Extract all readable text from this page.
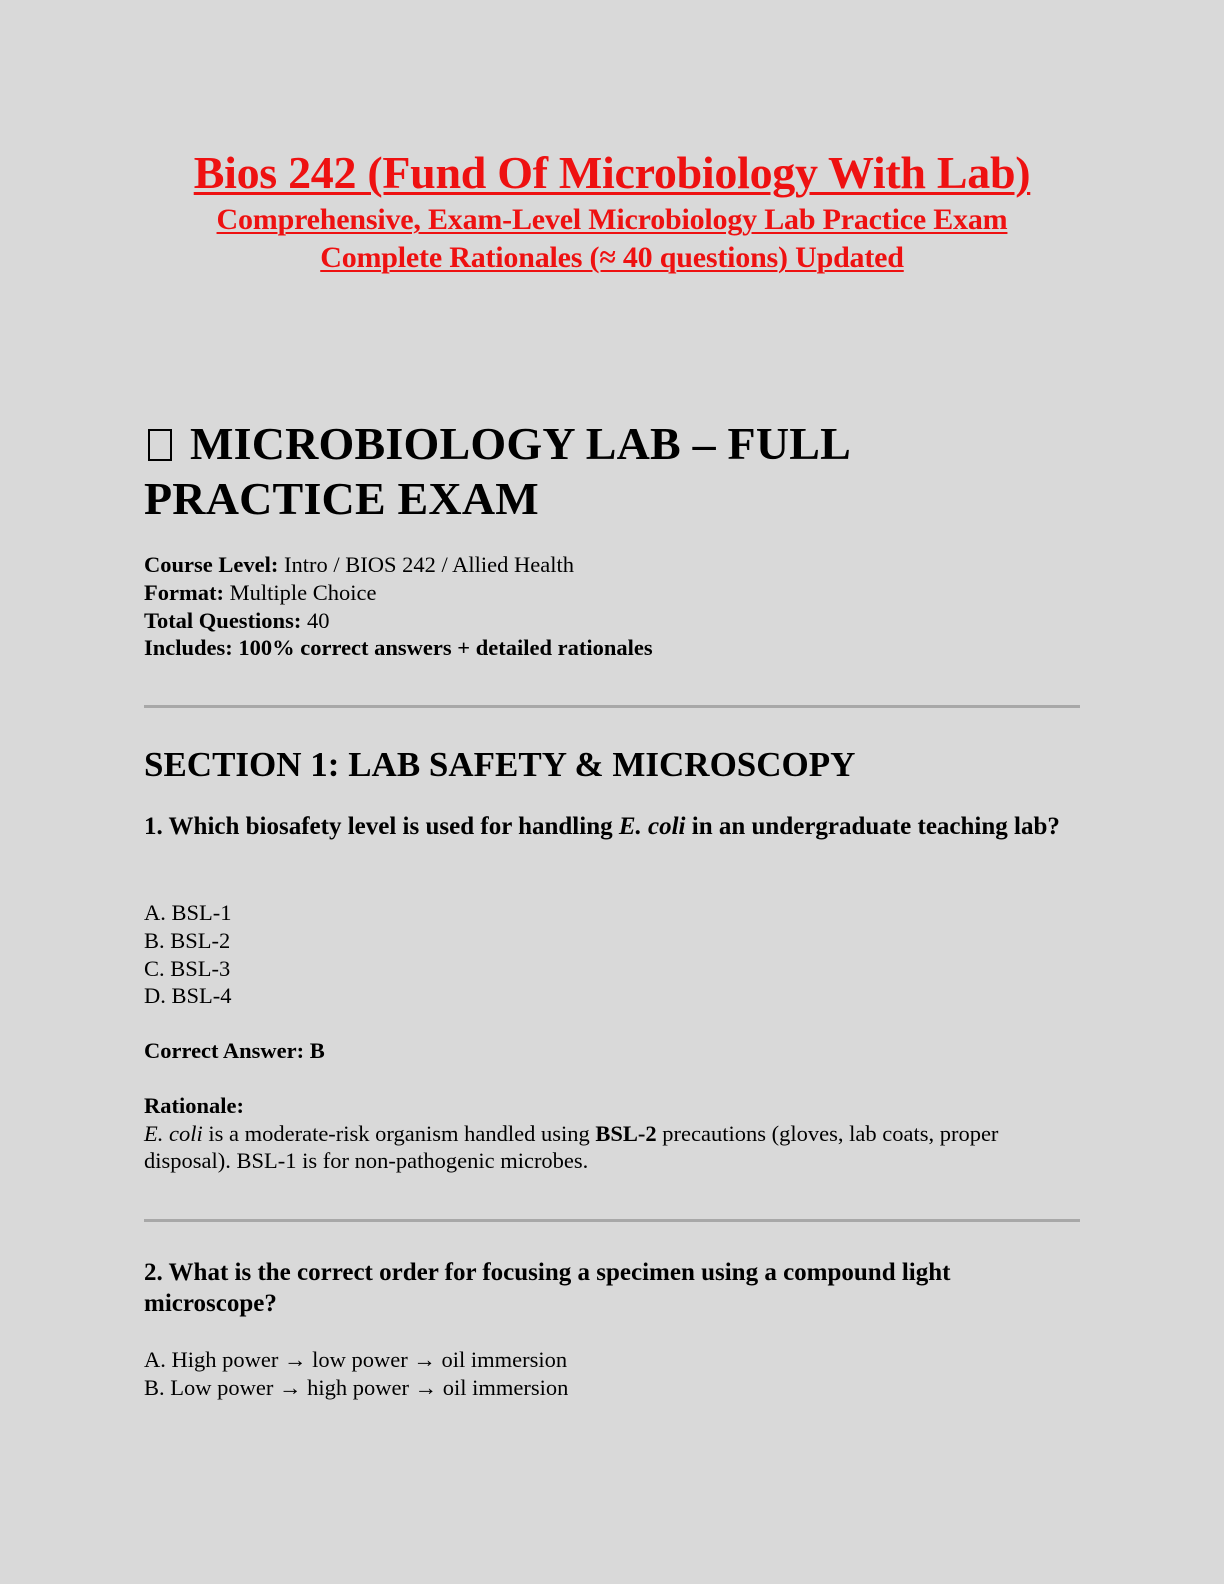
Bios 242 (Fund Of Microbiology With Lab)
Comprehensive, Exam-Level Microbiology Lab Practice Exam
Complete Rationales (≈ 40 questions) Updated
MICROBIOLOGY LAB – FULL
PRACTICE EXAM
Course Level: Intro / BIOS 242 / Allied Health
Format: Multiple Choice
Total Questions: 40
Includes: 100% correct answers + detailed rationales
SECTION 1: LAB SAFETY & MICROSCOPY
1. Which biosafety level is used for handling E. coli in an undergraduate teaching lab?
A. BSL-1
B. BSL-2
C. BSL-3
D. BSL-4
Correct Answer: B
Rationale:
E. coli is a moderate-risk organism handled using BSL-2 precautions (gloves, lab coats, proper disposal). BSL-1 is for non-pathogenic microbes.
2. What is the correct order for focusing a specimen using a compound light microscope?
A. High power → low power → oil immersion
B. Low power → high power → oil immersion
